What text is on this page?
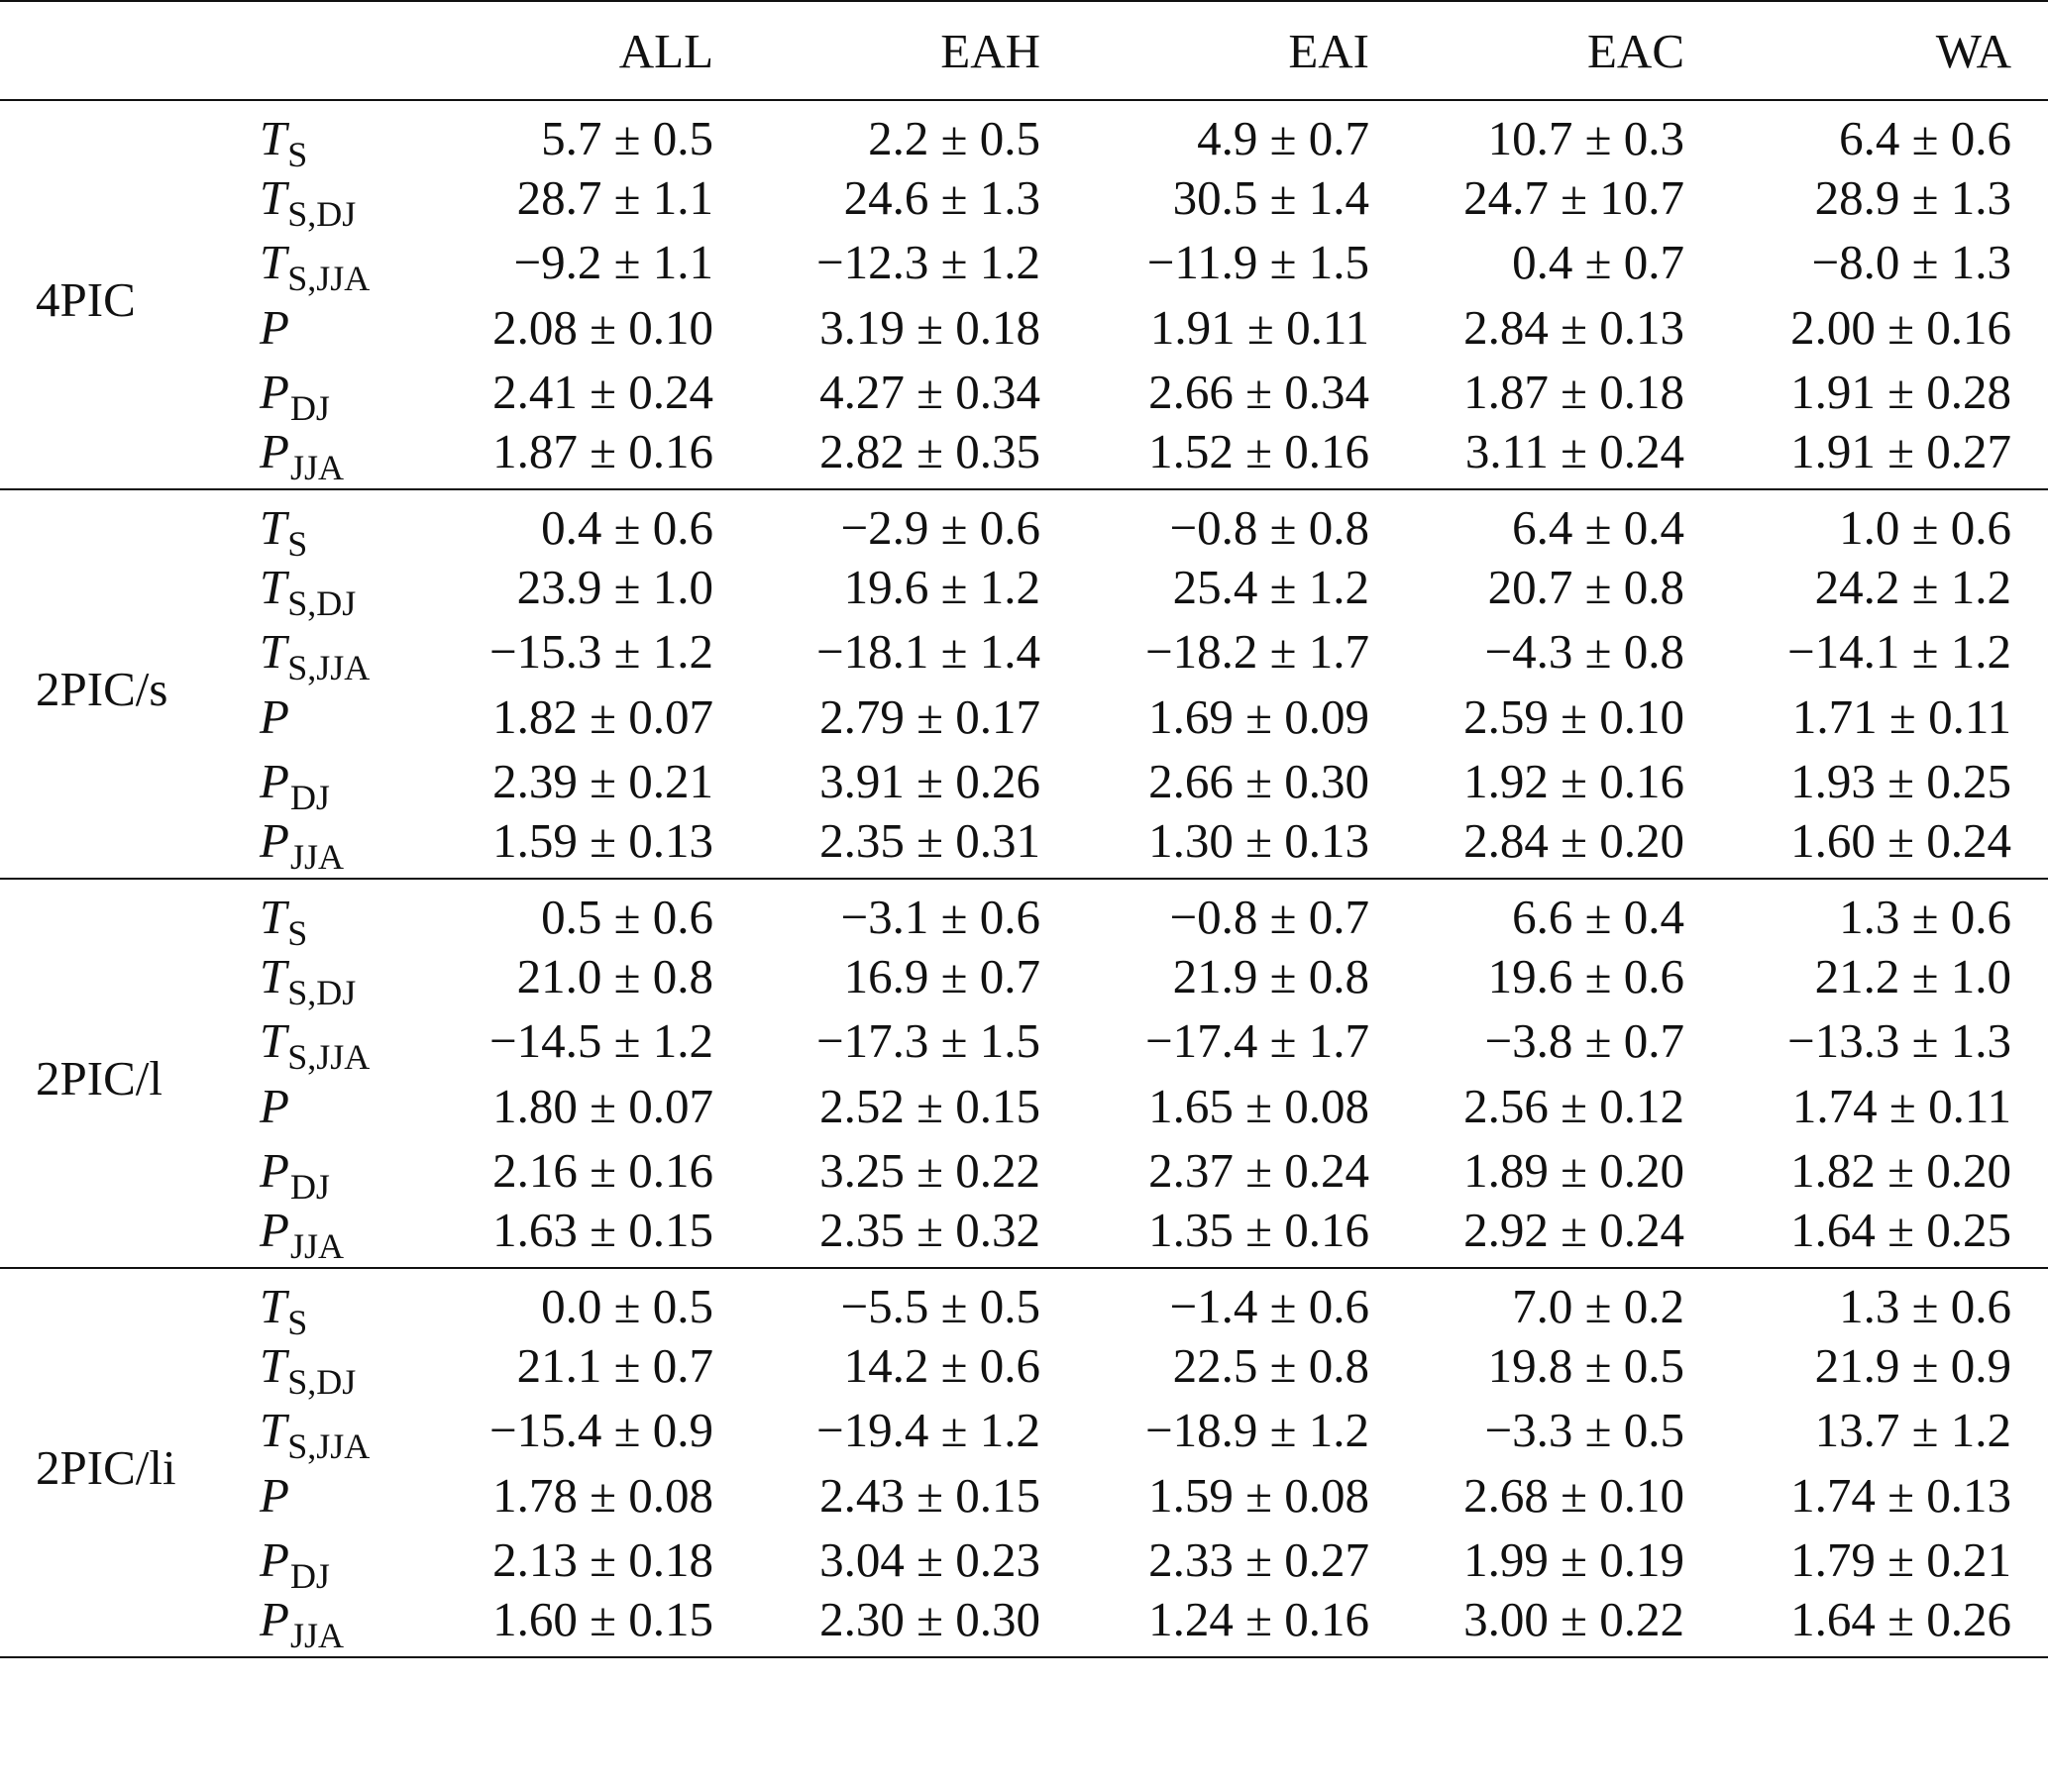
		ALL	EAH	EAI	EAC	WA
4PIC	$T_S$	5.7 ± 0.5	2.2 ± 0.5	4.9 ± 0.7	10.7 ± 0.3	6.4 ± 0.6
	$T_{S,DJ}$	28.7 ± 1.1	24.6 ± 1.3	30.5 ± 1.4	24.7 ± 10.7	28.9 ± 1.3
	$T_{S,JJA}$	−9.2 ± 1.1	−12.3 ± 1.2	−11.9 ± 1.5	0.4 ± 0.7	−8.0 ± 1.3
	P	2.08 ± 0.10	3.19 ± 0.18	1.91 ± 0.11	2.84 ± 0.13	2.00 ± 0.16
	$P_{DJ}$	2.41 ± 0.24	4.27 ± 0.34	2.66 ± 0.34	1.87 ± 0.18	1.91 ± 0.28
	$P_{JJA}$	1.87 ± 0.16	2.82 ± 0.35	1.52 ± 0.16	3.11 ± 0.24	1.91 ± 0.27
2PIC/s	$T_S$	0.4 ± 0.6	−2.9 ± 0.6	−0.8 ± 0.8	6.4 ± 0.4	1.0 ± 0.6
	$T_{S,DJ}$	23.9 ± 1.0	19.6 ± 1.2	25.4 ± 1.2	20.7 ± 0.8	24.2 ± 1.2
	$T_{S,JJA}$	−15.3 ± 1.2	−18.1 ± 1.4	−18.2 ± 1.7	−4.3 ± 0.8	−14.1 ± 1.2
	P	1.82 ± 0.07	2.79 ± 0.17	1.69 ± 0.09	2.59 ± 0.10	1.71 ± 0.11
	$P_{DJ}$	2.39 ± 0.21	3.91 ± 0.26	2.66 ± 0.30	1.92 ± 0.16	1.93 ± 0.25
	$P_{JJA}$	1.59 ± 0.13	2.35 ± 0.31	1.30 ± 0.13	2.84 ± 0.20	1.60 ± 0.24
2PIC/l	$T_S$	0.5 ± 0.6	−3.1 ± 0.6	−0.8 ± 0.7	6.6 ± 0.4	1.3 ± 0.6
	$T_{S,DJ}$	21.0 ± 0.8	16.9 ± 0.7	21.9 ± 0.8	19.6 ± 0.6	21.2 ± 1.0
	$T_{S,JJA}$	−14.5 ± 1.2	−17.3 ± 1.5	−17.4 ± 1.7	−3.8 ± 0.7	−13.3 ± 1.3
	P	1.80 ± 0.07	2.52 ± 0.15	1.65 ± 0.08	2.56 ± 0.12	1.74 ± 0.11
	$P_{DJ}$	2.16 ± 0.16	3.25 ± 0.22	2.37 ± 0.24	1.89 ± 0.20	1.82 ± 0.20
	$P_{JJA}$	1.63 ± 0.15	2.35 ± 0.32	1.35 ± 0.16	2.92 ± 0.24	1.64 ± 0.25
2PIC/li	$T_S$	0.0 ± 0.5	−5.5 ± 0.5	−1.4 ± 0.6	7.0 ± 0.2	1.3 ± 0.6
	$T_{S,DJ}$	21.1 ± 0.7	14.2 ± 0.6	22.5 ± 0.8	19.8 ± 0.5	21.9 ± 0.9
	$T_{S,JJA}$	−15.4 ± 0.9	−19.4 ± 1.2	−18.9 ± 1.2	−3.3 ± 0.5	13.7 ± 1.2
	P	1.78 ± 0.08	2.43 ± 0.15	1.59 ± 0.08	2.68 ± 0.10	1.74 ± 0.13
	$P_{DJ}$	2.13 ± 0.18	3.04 ± 0.23	2.33 ± 0.27	1.99 ± 0.19	1.79 ± 0.21
	$P_{JJA}$	1.60 ± 0.15	2.30 ± 0.30	1.24 ± 0.16	3.00 ± 0.22	1.64 ± 0.26
